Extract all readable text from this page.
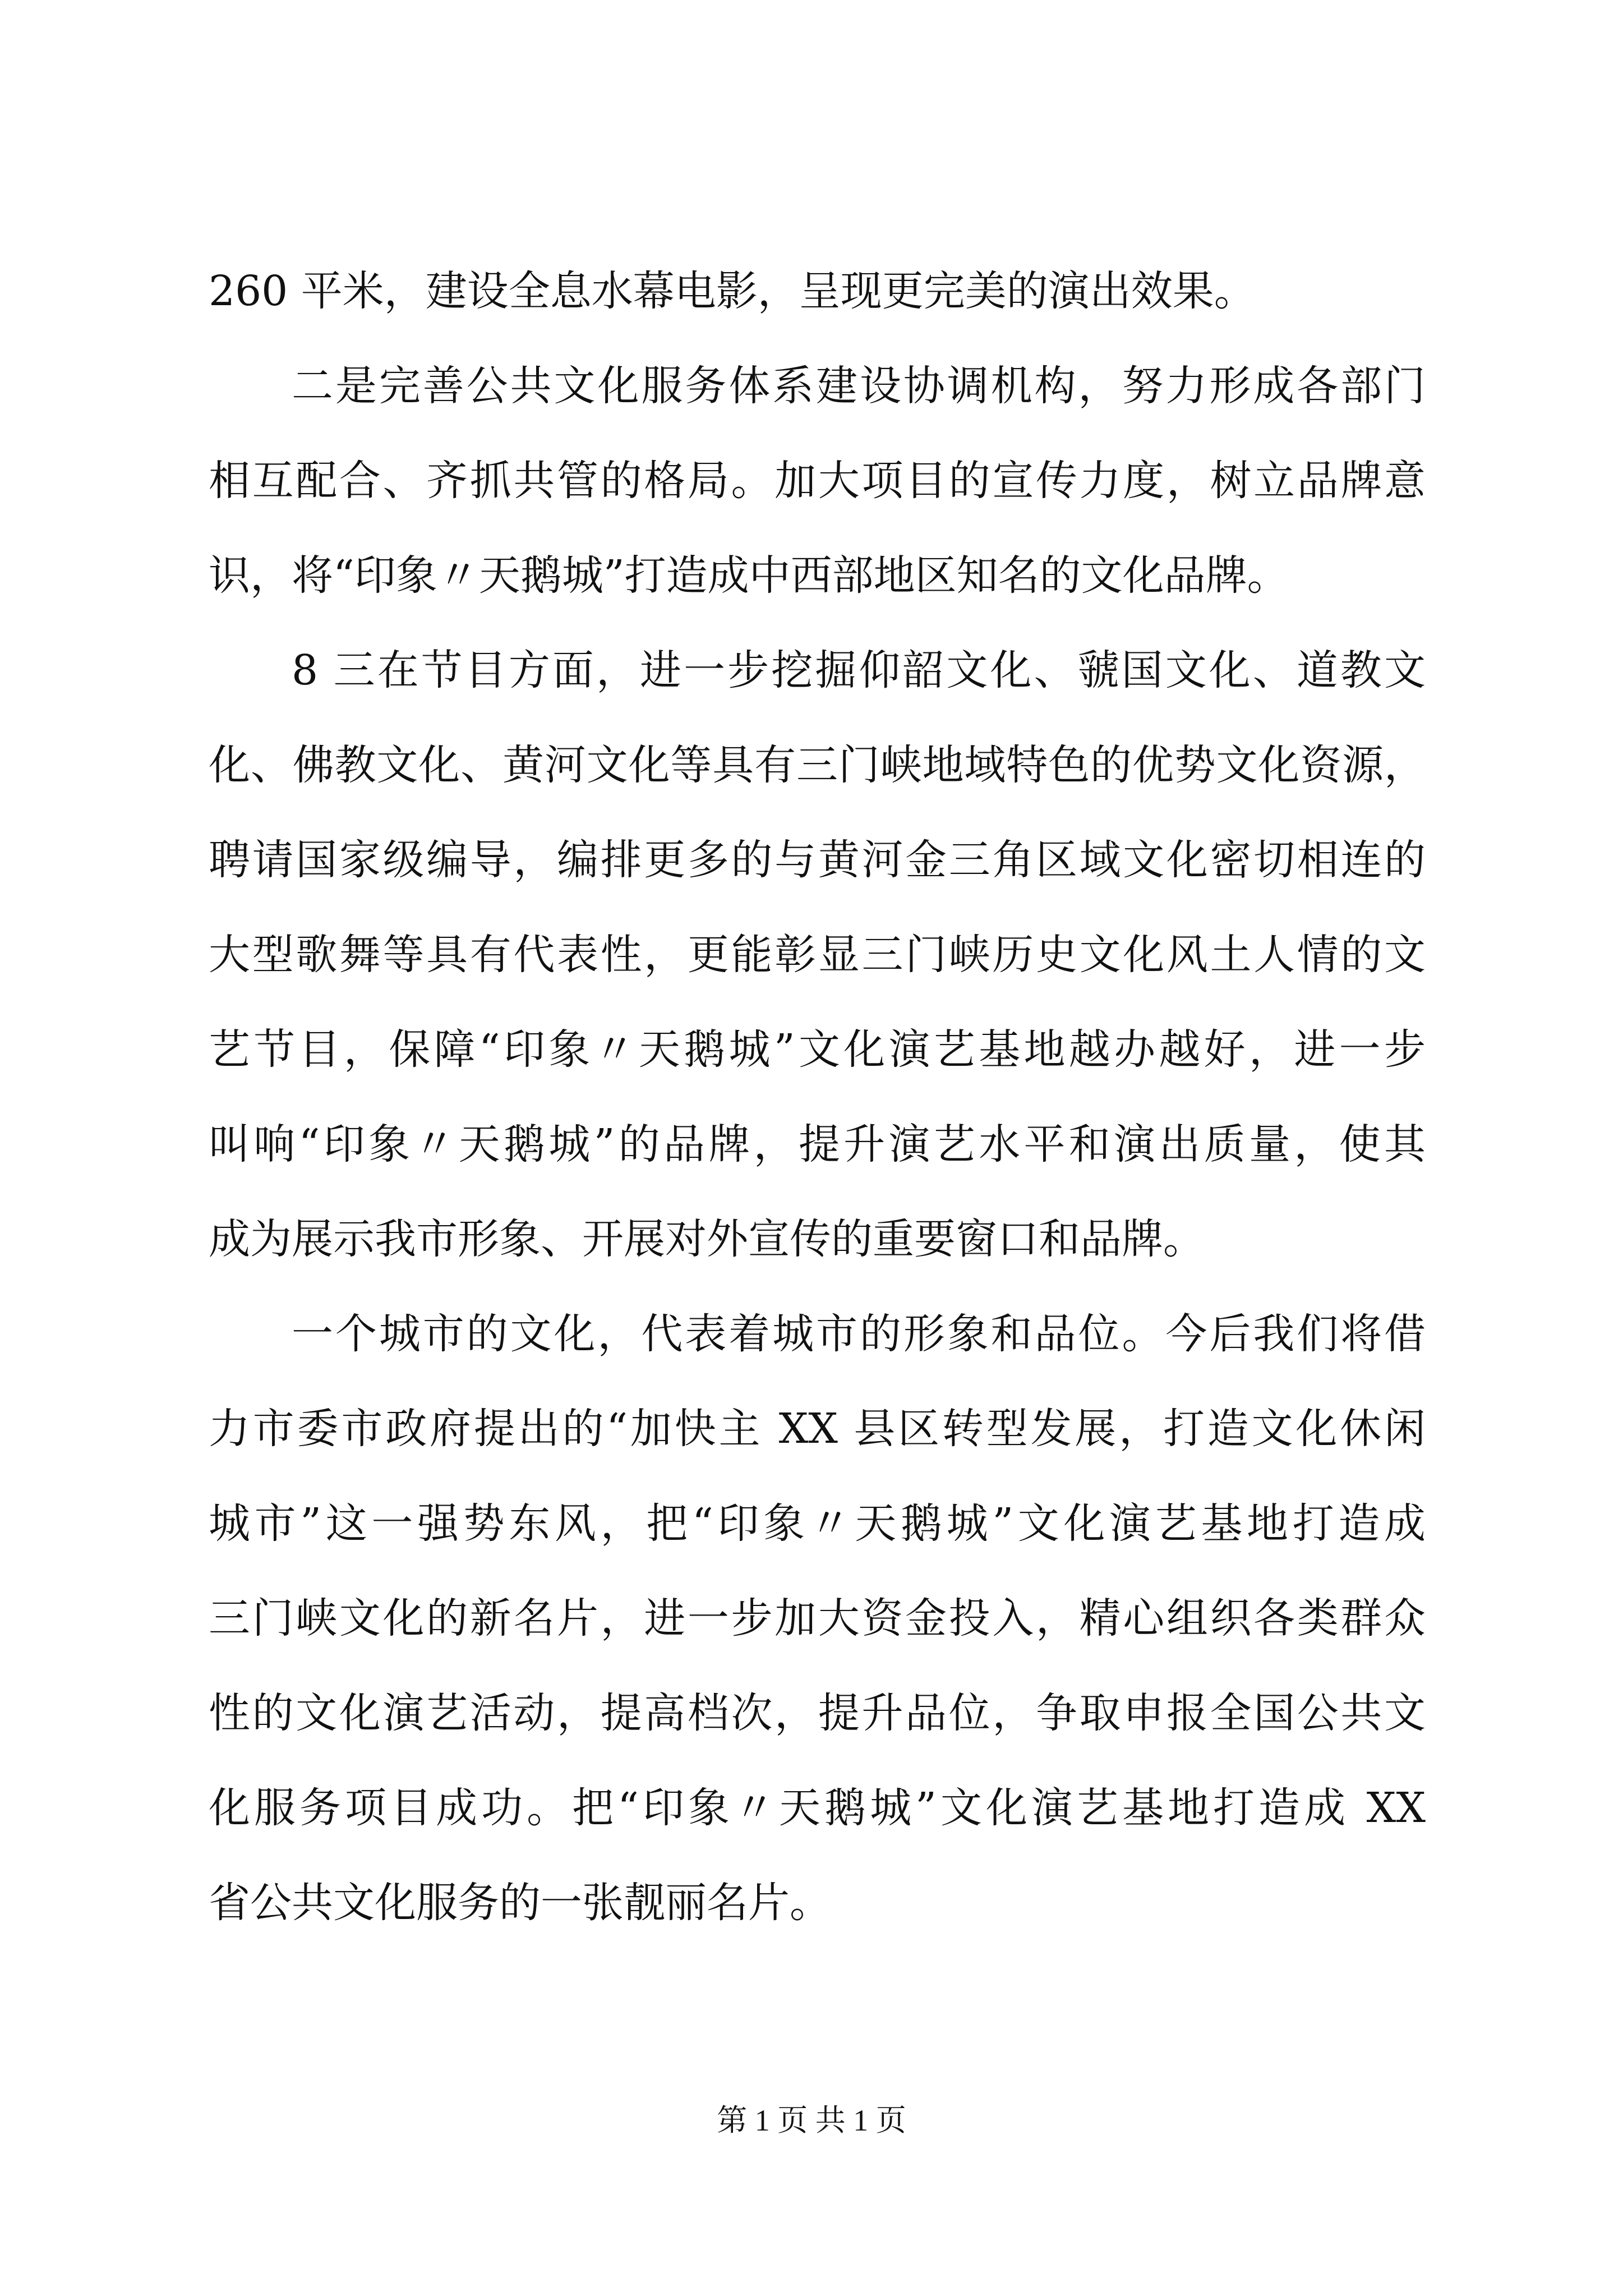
260 平米，建设全息水幕电影，呈现更完美的演出效果。
二是完善公共文化服务体系建设协调机构，努力形成各部门
相互配合、齐抓共管的格局。加大项目的宣传力度，树立品牌意
识，将“印象〃天鹅城”打造成中西部地区知名的文化品牌。
8 三在节目方面，进一步挖掘仰韶文化、虢国文化、道教文
化、佛教文化、黄河文化等具有三门峡地域特色的优势文化资源，
聘请国家级编导，编排更多的与黄河金三角区域文化密切相连的
大型歌舞等具有代表性，更能彰显三门峡历史文化风土人情的文
艺节目，保障“印象〃天鹅城”文化演艺基地越办越好，进一步
叫响“印象〃天鹅城”的品牌，提升演艺水平和演出质量，使其
成为展示我市形象、开展对外宣传的重要窗口和品牌。
一个城市的文化，代表着城市的形象和品位。今后我们将借
力市委市政府提出的“加快主 XX 县区转型发展，打造文化休闲
城市”这一强势东风，把“印象〃天鹅城”文化演艺基地打造成
三门峡文化的新名片，进一步加大资金投入，精心组织各类群众
性的文化演艺活动，提高档次，提升品位，争取申报全国公共文
化服务项目成功。把“印象〃天鹅城”文化演艺基地打造成 XX
省公共文化服务的一张靓丽名片。
第 1 页 共 1 页
